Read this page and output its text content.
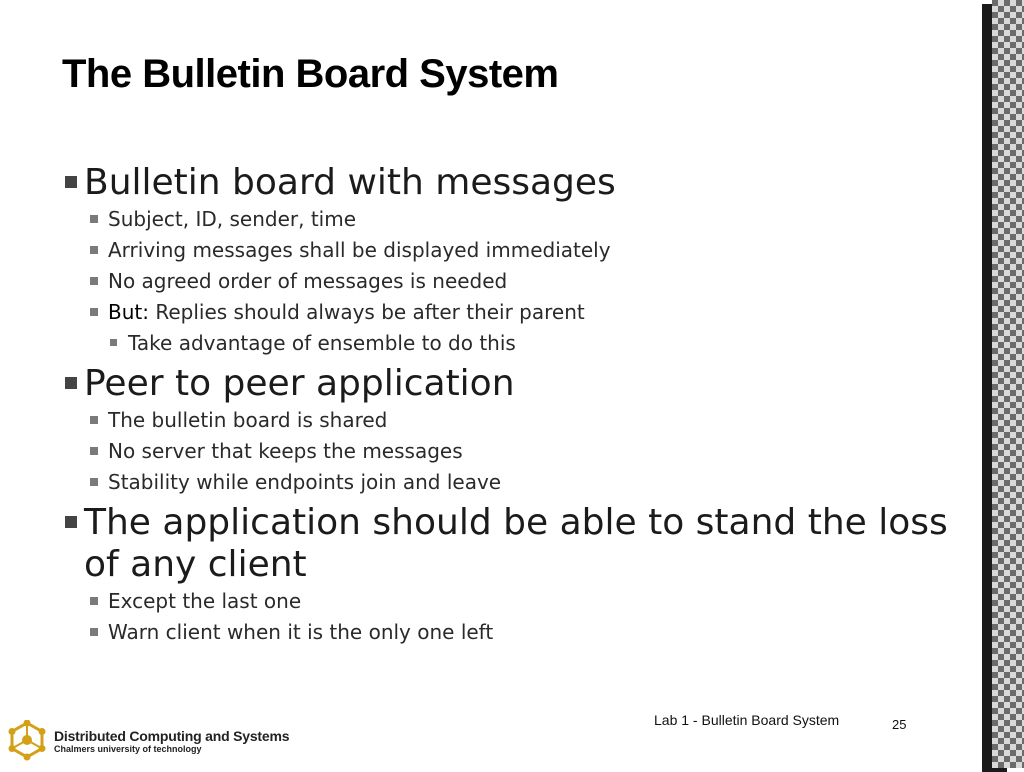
The Bulletin Board System
Bulletin board with messages
Subject, ID, sender, time
Arriving messages shall be displayed immediately
No agreed order of messages is needed
But: Replies should always be after their parent
Take advantage of ensemble to do this
Peer to peer application
The bulletin board is shared
No server that keeps the messages
Stability while endpoints join and leave
The application should be able to stand the loss of any client
Except the last one
Warn client when it is the only one left
Distributed Computing and Systems
Chalmers university of technology
Lab 1 - Bulletin Board System	25
